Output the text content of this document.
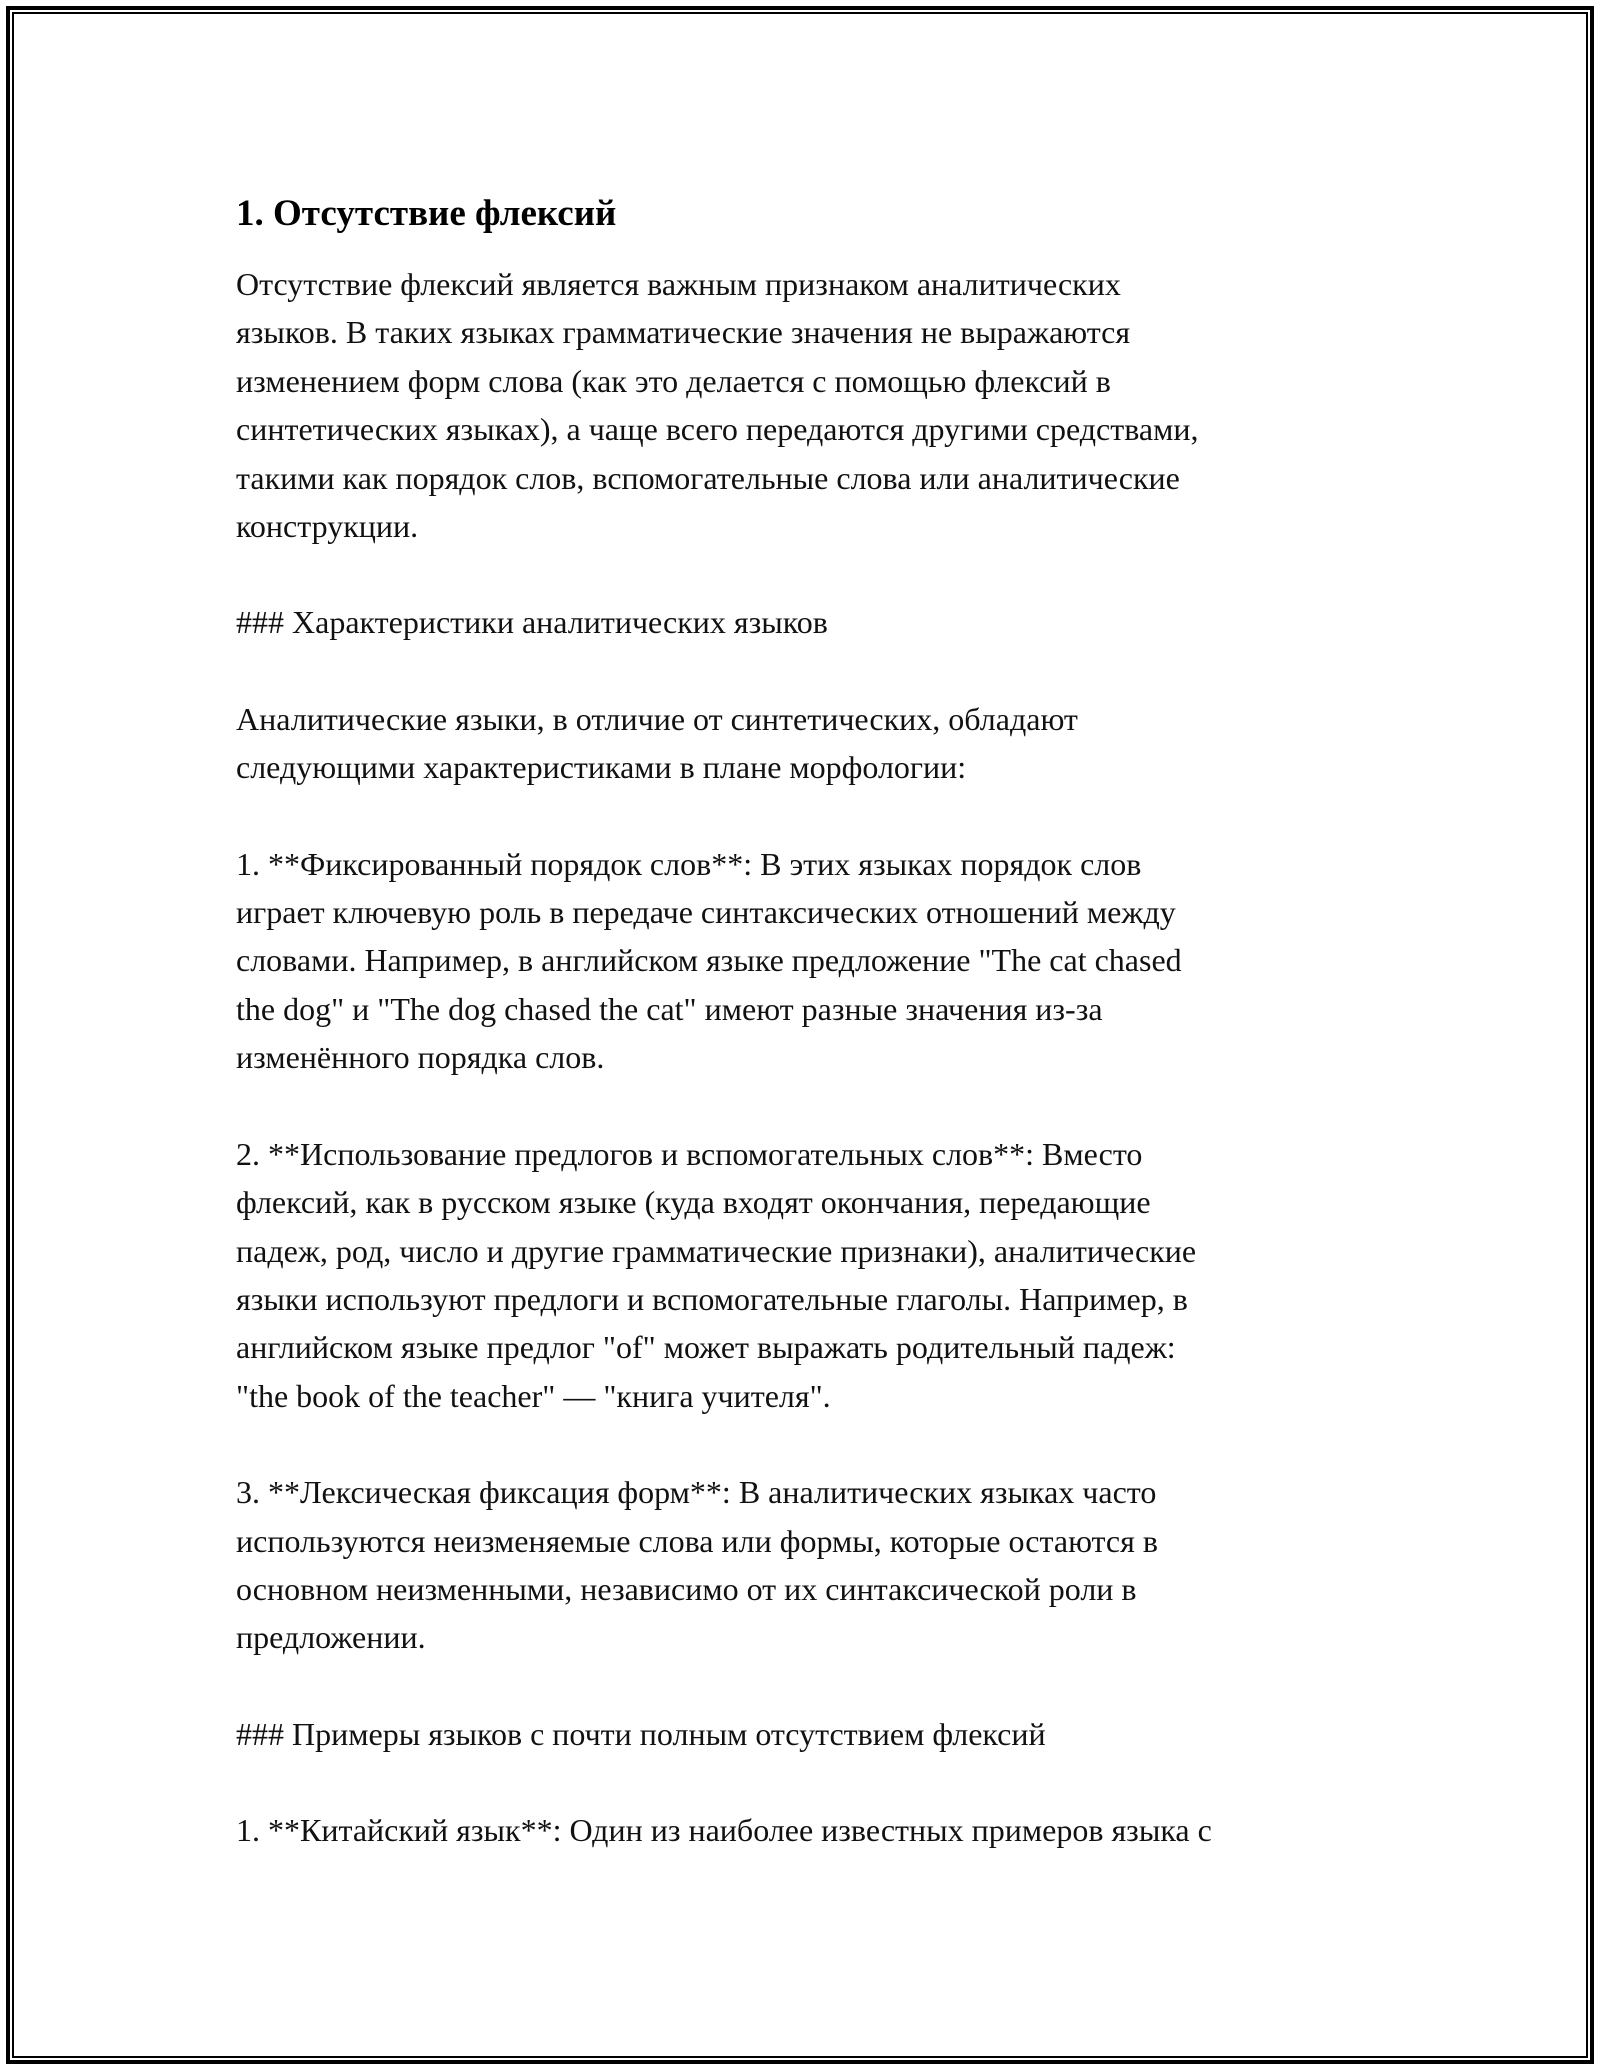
1. Отсутствие флексий

Отсутствие флексий является важным признаком аналитических
языков. В таких языках грамматические значения не выражаются
изменением форм слова (как это делается с помощью флексий в
синтетических языках), а чаще всего передаются другими средствами,
такими как порядок слов, вспомогательные слова или аналитические
конструкции.

### Характеристики аналитических языков

Аналитические языки, в отличие от синтетических, обладают
следующими характеристиками в плане морфологии:

1. **Фиксированный порядок слов**: В этих языках порядок слов
играет ключевую роль в передаче синтаксических отношений между
словами. Например, в английском языке предложение "The cat chased
the dog" и "The dog chased the cat" имеют разные значения из-за
изменённого порядка слов.

2. **Использование предлогов и вспомогательных слов**: Вместо
флексий, как в русском языке (куда входят окончания, передающие
падеж, род, число и другие грамматические признаки), аналитические
языки используют предлоги и вспомогательные глаголы. Например, в
английском языке предлог "of" может выражать родительный падеж:
"the book of the teacher" — "книга учителя".

3. **Лексическая фиксация форм**: В аналитических языках часто
используются неизменяемые слова или формы, которые остаются в
основном неизменными, независимо от их синтаксической роли в
предложении.

### Примеры языков с почти полным отсутствием флексий

1. **Китайский язык**: Один из наиболее известных примеров языка с
